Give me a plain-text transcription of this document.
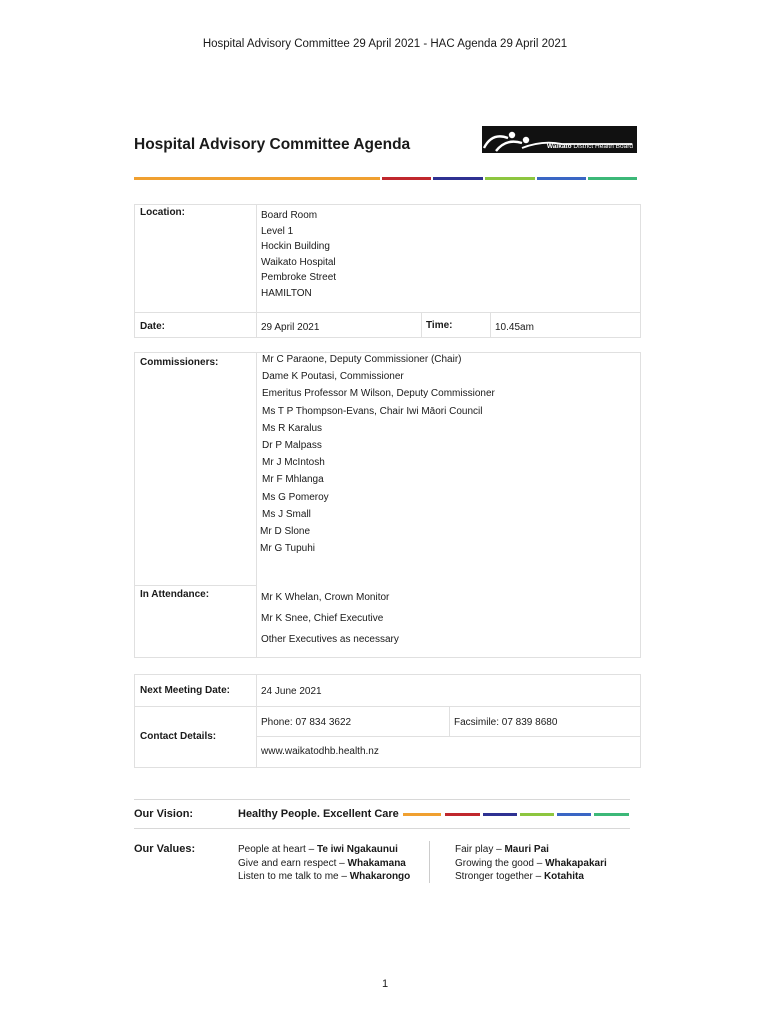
Hospital Advisory Committee 29 April 2021 - HAC Agenda 29 April 2021
Hospital Advisory Committee Agenda	Waikato District Health Board
Location:	Board Room
Level 1
Hockin Building
Waikato Hospital
Pembroke Street
HAMILTON
Date:	29 April 2021	Time:	10.45am
Commissioners:	Mr C Paraone, Deputy Commissioner (Chair)
Dame K Poutasi, Commissioner
Emeritus Professor M Wilson, Deputy Commissioner
Ms T P Thompson-Evans, Chair Iwi Māori Council
Ms R Karalus
Dr P Malpass
Mr J McIntosh
Mr F Mhlanga
Ms G Pomeroy
Ms J Small
Mr D Slone
Mr G Tupuhi
In Attendance:	Mr K Whelan, Crown Monitor
Mr K Snee, Chief Executive
Other Executives as necessary
Next Meeting Date:	24 June 2021
Contact Details:
Phone: 07 834 3622	Facsimile: 07 839 8680
www.waikatodhb.health.nz
Our Vision:	Healthy People. Excellent Care
Our Values:	People at heart – Te iwi Ngakaunui
Give and earn respect – Whakamana
Listen to me talk to me – Whakarongo
Fair play – Mauri Pai
Growing the good – Whakapakari
Stronger together – Kotahita
1
